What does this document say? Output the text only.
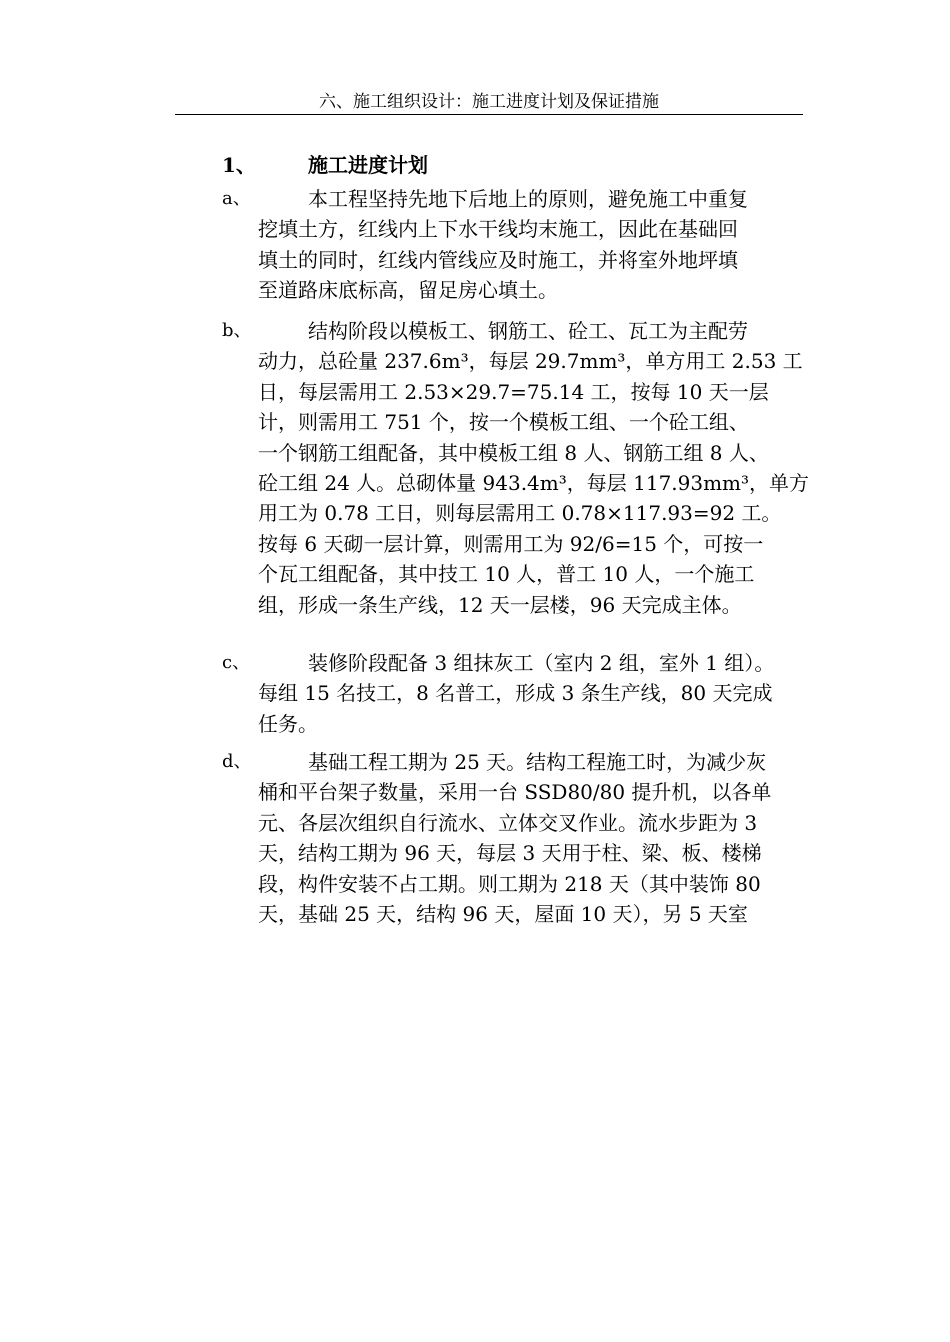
六、施工组织设计：施工进度计划及保证措施
1、	施工进度计划
a、	本工程坚持先地下后地上的原则，避免施工中重复
挖填土方，红线内上下水干线均末施工，因此在基础回
填土的同时，红线内管线应及时施工，并将室外地坪填
至道路床底标高，留足房心填土。
b、	结构阶段以模板工、钢筋工、砼工、瓦工为主配劳
动力，总砼量 237.6m³，每层 29.7mm³，单方用工 2.53 工
日，每层需用工 2.53×29.7=75.14 工，按每 10 天一层
计，则需用工 751 个，按一个模板工组、一个砼工组、
一个钢筋工组配备，其中模板工组 8 人、钢筋工组 8 人、
砼工组 24 人。总砌体量 943.4m³，每层 117.93mm³，单方
用工为 0.78 工日，则每层需用工 0.78×117.93=92 工。
按每 6 天砌一层计算，则需用工为 92/6=15 个，可按一
个瓦工组配备，其中技工 10 人，普工 10 人，一个施工
组，形成一条生产线，12 天一层楼，96 天完成主体。
c、	装修阶段配备 3 组抹灰工（室内 2 组，室外 1 组）。
每组 15 名技工，8 名普工，形成 3 条生产线，80 天完成
任务。
d、	基础工程工期为 25 天。结构工程施工时，为减少灰
桶和平台架子数量，采用一台 SSD80/80 提升机，以各单
元、各层次组织自行流水、立体交叉作业。流水步距为 3
天，结构工期为 96 天，每层 3 天用于柱、梁、板、楼梯
段，构件安装不占工期。则工期为 218 天（其中装饰 80
天，基础 25 天，结构 96 天，屋面 10 天），另 5 天室
